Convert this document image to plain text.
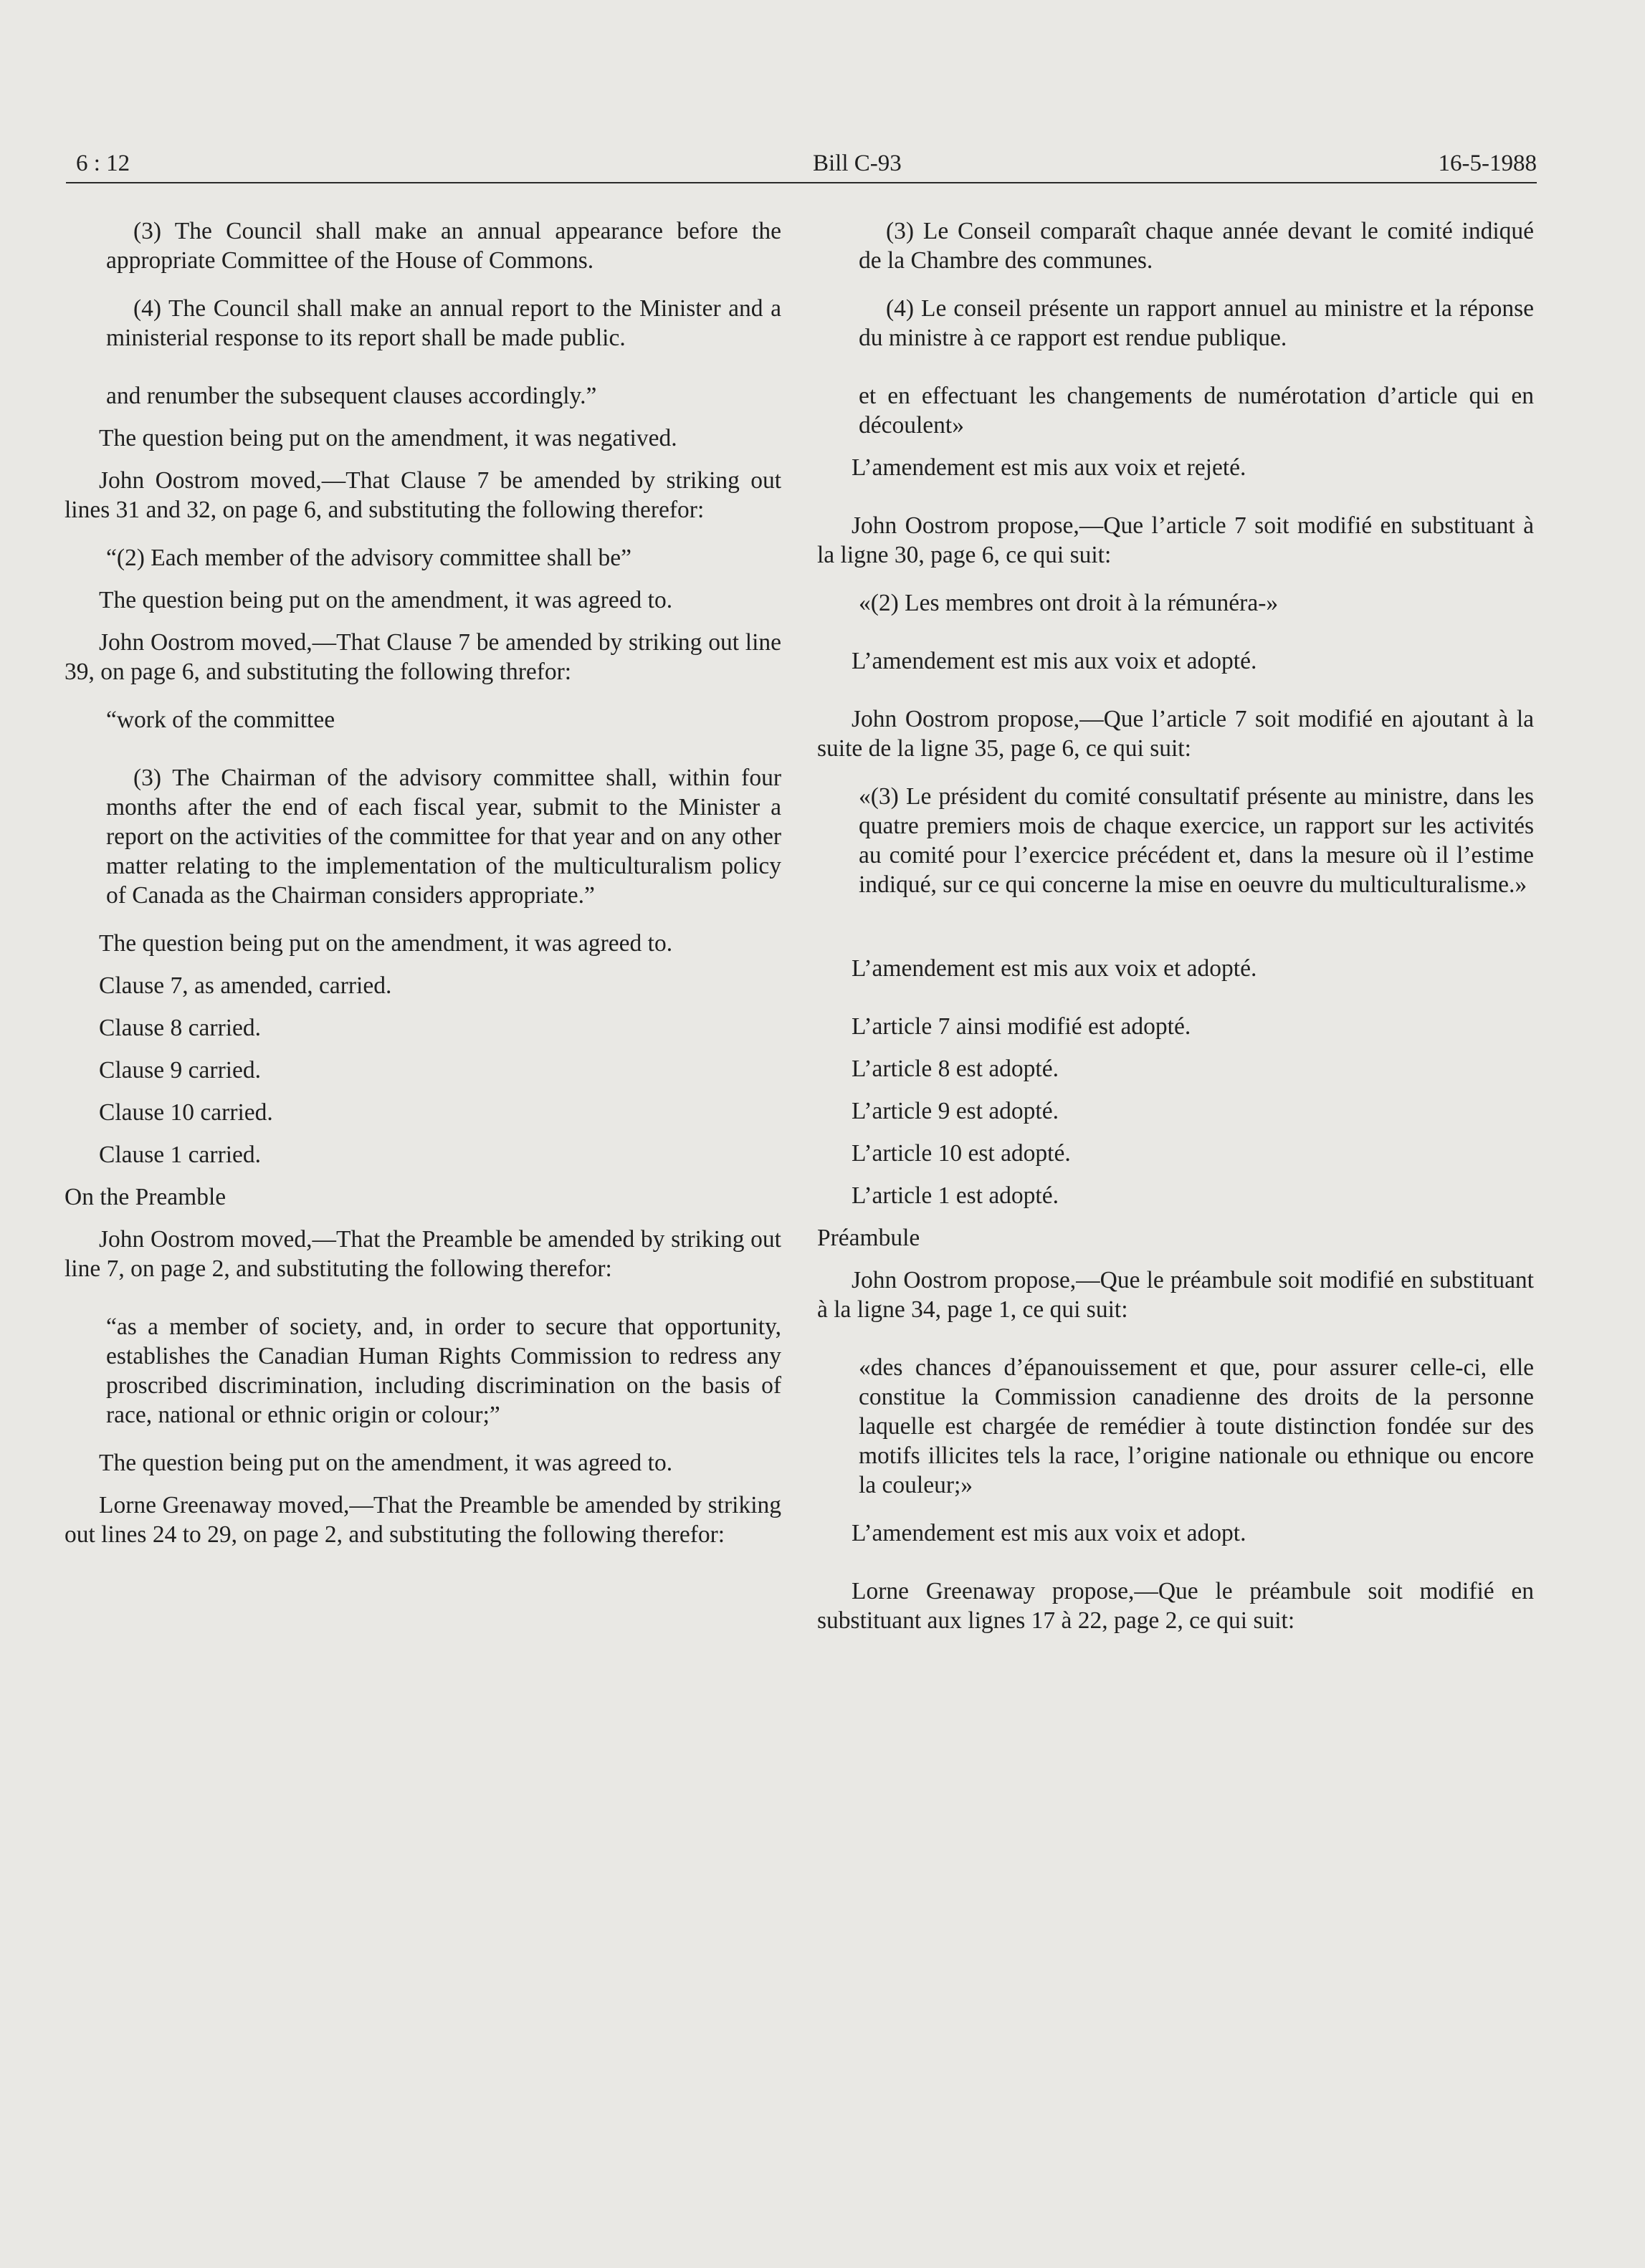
6 : 12	Bill C-93	16-5-1988

(3) The Council shall make an annual appearance before the appropriate Committee of the House of Commons.

(4) The Council shall make an annual report to the Minister and a ministerial response to its report shall be made public.

and renumber the subsequent clauses accordingly.”

The question being put on the amendment, it was negatived.

John Oostrom moved,—That Clause 7 be amended by striking out lines 31 and 32, on page 6, and substituting the following therefor:

“(2) Each member of the advisory committee shall be”

The question being put on the amendment, it was agreed to.

John Oostrom moved,—That Clause 7 be amended by striking out line 39, on page 6, and substituting the following threfor:

“work of the committee

(3) The Chairman of the advisory committee shall, within four months after the end of each fiscal year, submit to the Minister a report on the activities of the committee for that year and on any other matter relating to the implementation of the multiculturalism policy of Canada as the Chairman considers appropriate.”

The question being put on the amendment, it was agreed to.

Clause 7, as amended, carried.

Clause 8 carried.

Clause 9 carried.

Clause 10 carried.

Clause 1 carried.

On the Preamble

John Oostrom moved,—That the Preamble be amended by striking out line 7, on page 2, and substituting the following therefor:

“as a member of society, and, in order to secure that opportunity, establishes the Canadian Human Rights Commission to redress any proscribed discrimination, including discrimination on the basis of race, national or ethnic origin or colour;”

The question being put on the amendment, it was agreed to.

Lorne Greenaway moved,—That the Preamble be amended by striking out lines 24 to 29, on page 2, and substituting the following therefor:

(3) Le Conseil comparaît chaque année devant le comité indiqué de la Chambre des communes.

(4) Le conseil présente un rapport annuel au ministre et la réponse du ministre à ce rapport est rendue publique.

et en effectuant les changements de numérotation d’article qui en découlent»

L’amendement est mis aux voix et rejeté.

John Oostrom propose,—Que l’article 7 soit modifié en substituant à la ligne 30, page 6, ce qui suit:

«(2) Les membres ont droit à la rémunéra-»

L’amendement est mis aux voix et adopté.

John Oostrom propose,—Que l’article 7 soit modifié en ajoutant à la suite de la ligne 35, page 6, ce qui suit:

«(3) Le président du comité consultatif présente au ministre, dans les quatre premiers mois de chaque exercice, un rapport sur les activités au comité pour l’exercice précédent et, dans la mesure où il l’estime indiqué, sur ce qui concerne la mise en oeuvre du multiculturalisme.»

L’amendement est mis aux voix et adopté.

L’article 7 ainsi modifié est adopté.

L’article 8 est adopté.

L’article 9 est adopté.

L’article 10 est adopté.

L’article 1 est adopté.

Préambule

John Oostrom propose,—Que le préambule soit modifié en substituant à la ligne 34, page 1, ce qui suit:

«des chances d’épanouissement et que, pour assurer celle-ci, elle constitue la Commission canadienne des droits de la personne laquelle est chargée de remédier à toute distinction fondée sur des motifs illicites tels la race, l’origine nationale ou ethnique ou encore la couleur;»

L’amendement est mis aux voix et adopt.

Lorne Greenaway propose,—Que le préambule soit modifié en substituant aux lignes 17 à 22, page 2, ce qui suit:
